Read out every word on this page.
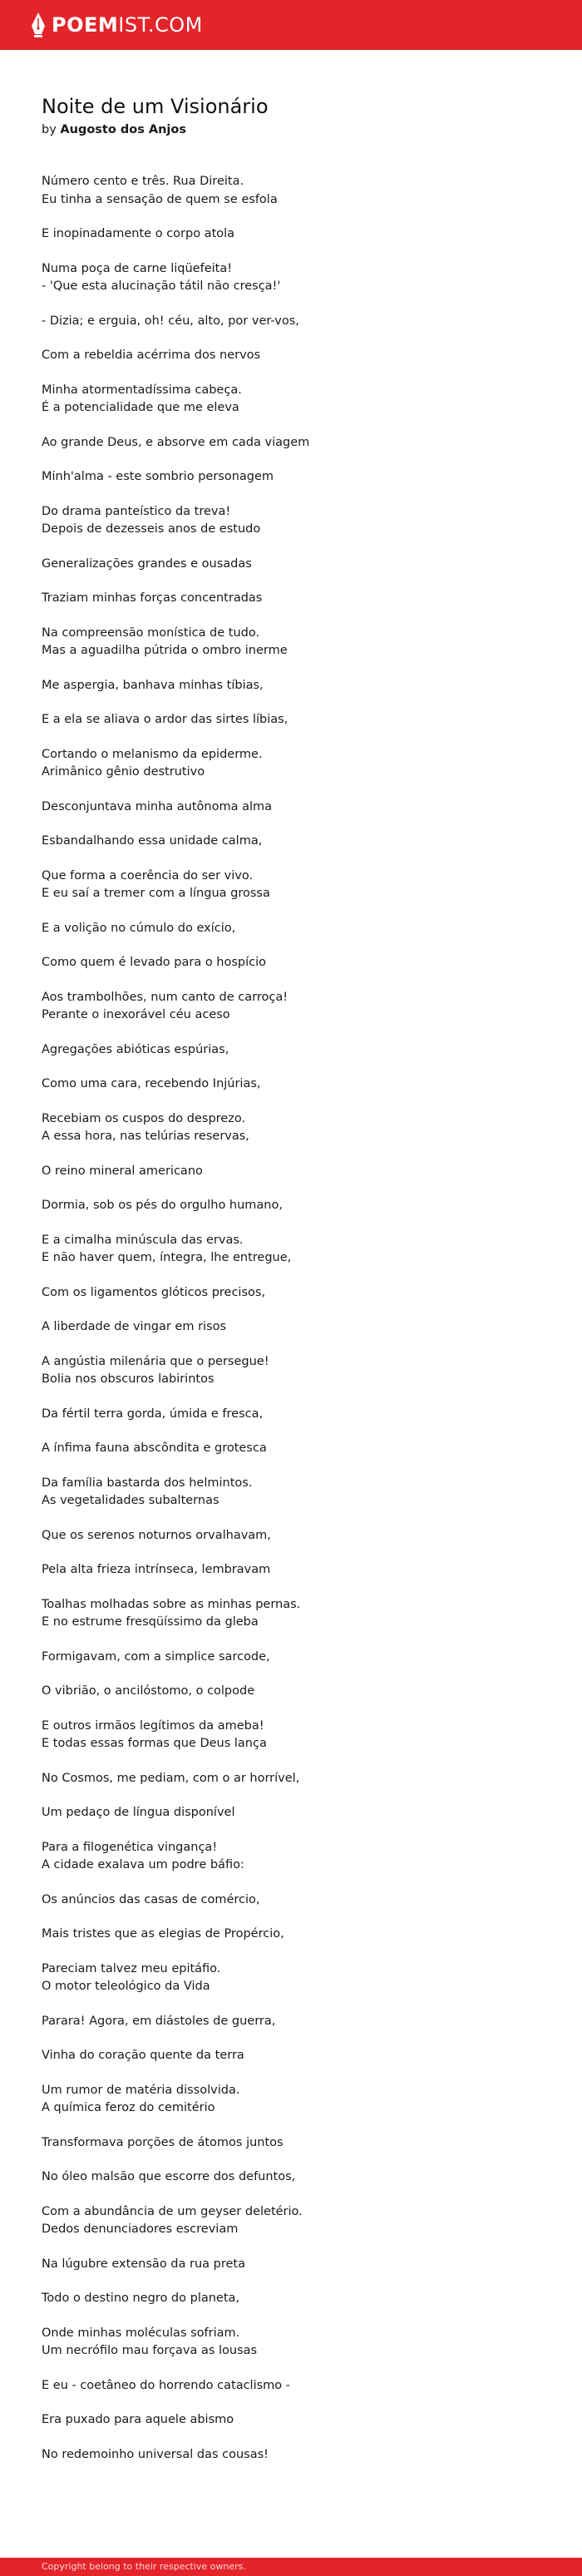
POEMIST.COM
Noite de um Visionário
by Augosto dos Anjos

Número cento e três. Rua Direita.
Eu tinha a sensação de quem se esfola

E inopinadamente o corpo atola

Numa poça de carne liqüefeita!
- 'Que esta alucinação tátil não cresça!'

- Dizia; e erguia, oh! céu, alto, por ver-vos,

Com a rebeldia acérrima dos nervos

Minha atormentadíssima cabeça.
É a potencialidade que me eleva

Ao grande Deus, e absorve em cada viagem

Minh'alma - este sombrio personagem

Do drama panteístico da treva!
Depois de dezesseis anos de estudo

Generalizações grandes e ousadas

Traziam minhas forças concentradas

Na compreensão monística de tudo.
Mas a aguadilha pútrida o ombro inerme

Me aspergia, banhava minhas tíbias,

E a ela se aliava o ardor das sirtes líbias,

Cortando o melanismo da epiderme.
Arimânico gênio destrutivo

Desconjuntava minha autônoma alma

Esbandalhando essa unidade calma,

Que forma a coerência do ser vivo.
E eu saí a tremer com a língua grossa

E a volição no cúmulo do exício,

Como quem é levado para o hospício

Aos trambolhões, num canto de carroça!
Perante o inexorável céu aceso

Agregações abióticas espúrias,

Como uma cara, recebendo Injúrias,

Recebiam os cuspos do desprezo.
A essa hora, nas telúrias reservas,

O reino mineral americano

Dormia, sob os pés do orgulho humano,

E a cimalha minúscula das ervas.
E não haver quem, íntegra, lhe entregue,

Com os ligamentos glóticos precisos,

A liberdade de vingar em risos

A angústia milenária que o persegue!
Bolia nos obscuros labirintos

Da fértil terra gorda, úmida e fresca,

A ínfima fauna abscôndita e grotesca

Da família bastarda dos helmintos.
As vegetalidades subalternas

Que os serenos noturnos orvalhavam,

Pela alta frieza intrínseca, lembravam

Toalhas molhadas sobre as minhas pernas.
E no estrume fresqüíssimo da gleba

Formigavam, com a simplice sarcode,

O vibrião, o ancilóstomo, o colpode

E outros irmãos legítimos da ameba!
E todas essas formas que Deus lança

No Cosmos, me pediam, com o ar horrível,

Um pedaço de língua disponível

Para a filogenética vingança!
A cidade exalava um podre báfio:

Os anúncios das casas de comércio,

Mais tristes que as elegias de Propércio,

Pareciam talvez meu epitáfio.
O motor teleológico da Vida

Parara! Agora, em diástoles de guerra,

Vinha do coração quente da terra

Um rumor de matéria dissolvida.
A química feroz do cemitério

Transformava porções de átomos juntos

No óleo malsão que escorre dos defuntos,

Com a abundância de um geyser deletério.
Dedos denunciadores escreviam

Na lúgubre extensão da rua preta

Todo o destino negro do planeta,

Onde minhas moléculas sofriam.
Um necrófilo mau forçava as lousas

E eu - coetâneo do horrendo cataclismo -

Era puxado para aquele abismo

No redemoinho universal das cousas!

Copyright belong to their respective owners.
